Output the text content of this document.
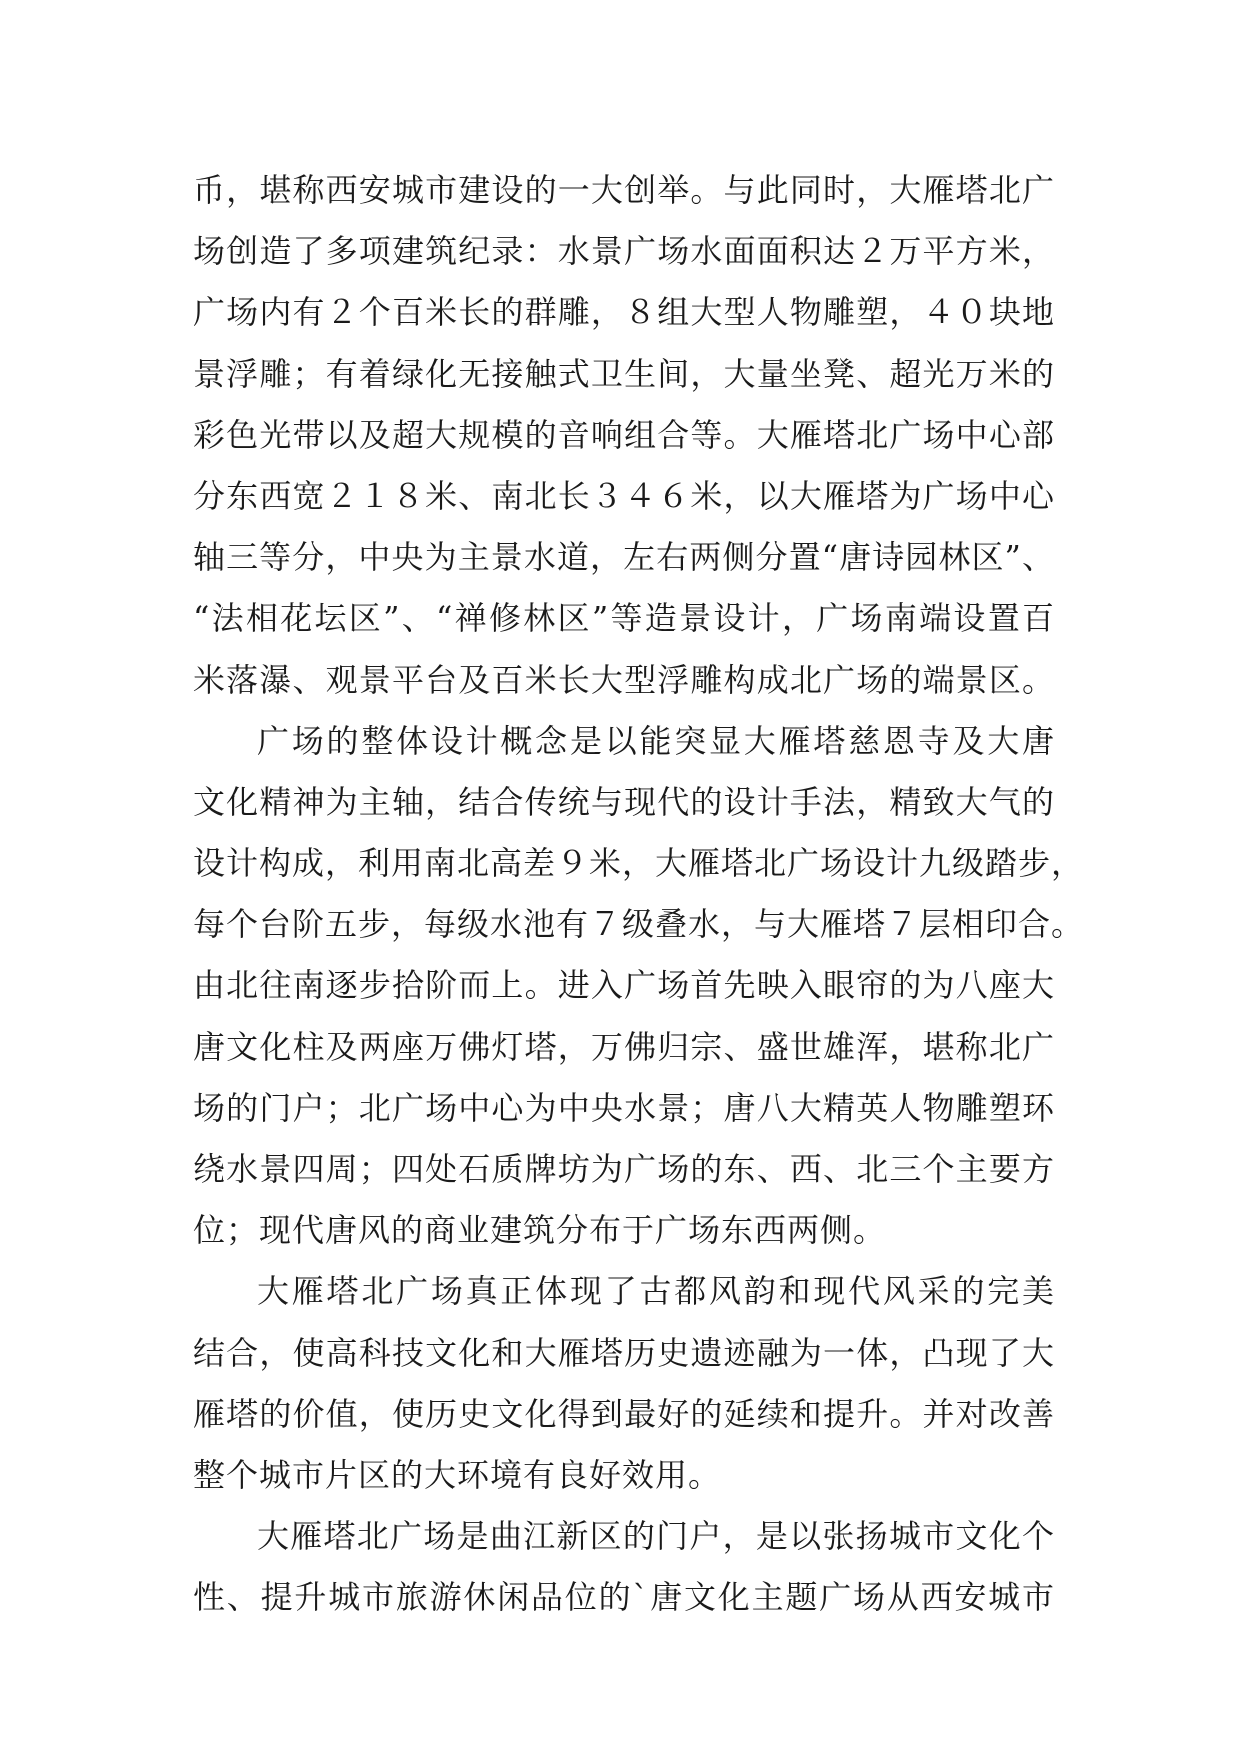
币，堪称西安城市建设的一大创举。与此同时，大雁塔北广
场创造了多项建筑纪录：水景广场水面面积达２万平方米，
广场内有２个百米长的群雕，８组大型人物雕塑，４０块地
景浮雕；有着绿化无接触式卫生间，大量坐凳、超光万米的
彩色光带以及超大规模的音响组合等。大雁塔北广场中心部
分东西宽２１８米、南北长３４６米，以大雁塔为广场中心
轴三等分，中央为主景水道，左右两侧分置“唐诗园林区”、
“法相花坛区”、“禅修林区”等造景设计，广场南端设置百
米落瀑、观景平台及百米长大型浮雕构成北广场的端景区。
广场的整体设计概念是以能突显大雁塔慈恩寺及大唐
文化精神为主轴，结合传统与现代的设计手法，精致大气的
设计构成，利用南北高差９米，大雁塔北广场设计九级踏步，
每个台阶五步，每级水池有７级叠水，与大雁塔７层相印合。
由北往南逐步拾阶而上。进入广场首先映入眼帘的为八座大
唐文化柱及两座万佛灯塔，万佛归宗、盛世雄浑，堪称北广
场的门户；北广场中心为中央水景；唐八大精英人物雕塑环
绕水景四周；四处石质牌坊为广场的东、西、北三个主要方
位；现代唐风的商业建筑分布于广场东西两侧。
大雁塔北广场真正体现了古都风韵和现代风采的完美
结合，使高科技文化和大雁塔历史遗迹融为一体，凸现了大
雁塔的价值，使历史文化得到最好的延续和提升。并对改善
整个城市片区的大环境有良好效用。
大雁塔北广场是曲江新区的门户，是以张扬城市文化个
性、提升城市旅游休闲品位的`唐文化主题广场从西安城市
